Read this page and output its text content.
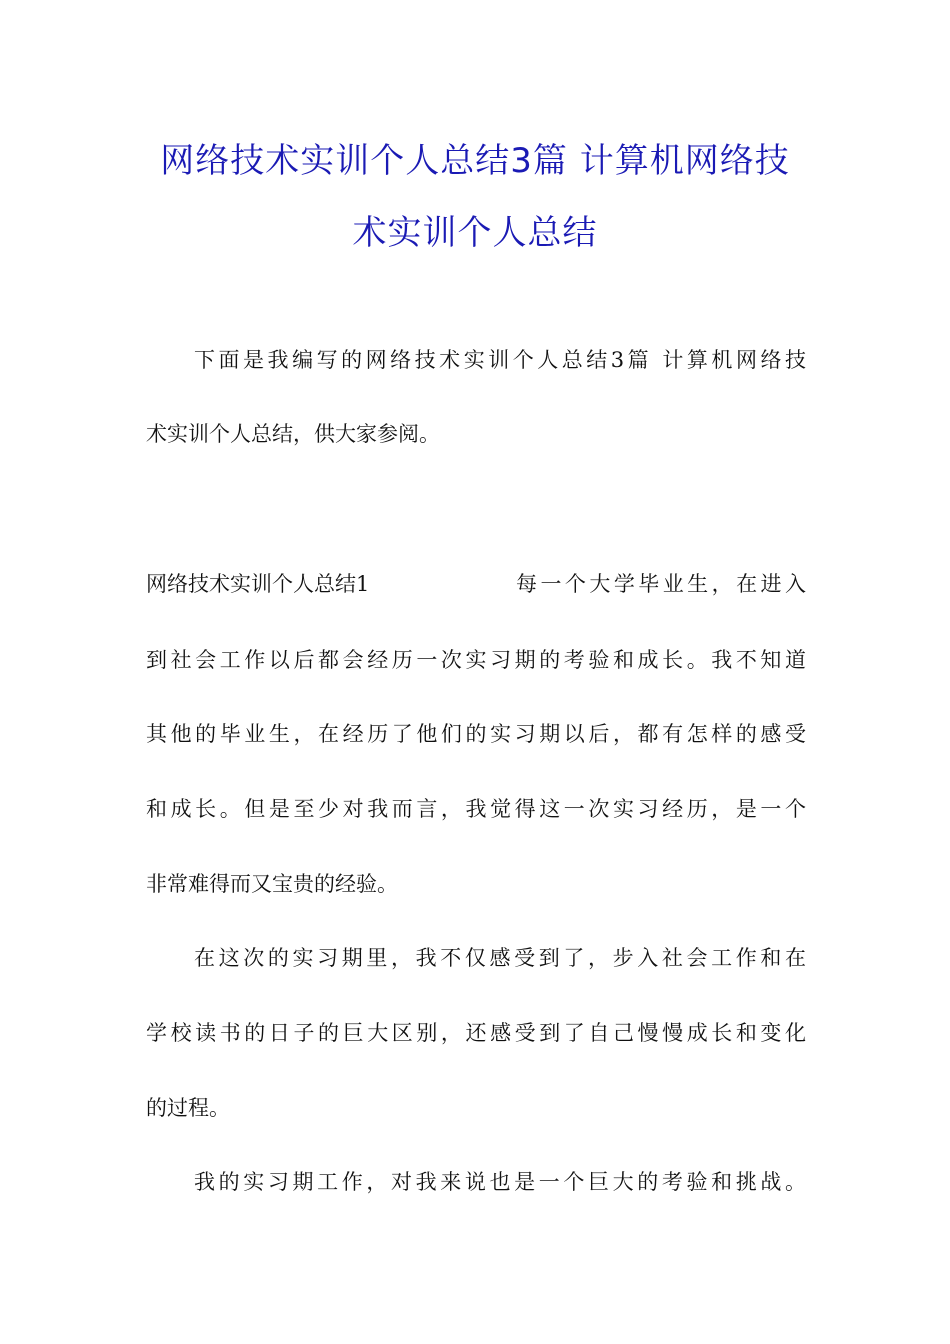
网络技术实训个人总结3篇 计算机网络技
术实训个人总结
下面是我编写的网络技术实训个人总结3篇 计算机网络技
术实训个人总结，供大家参阅。
网络技术实训个人总结1	每一个大学毕业生，在进入
到社会工作以后都会经历一次实习期的考验和成长。我不知道
其他的毕业生，在经历了他们的实习期以后，都有怎样的感受
和成长。但是至少对我而言，我觉得这一次实习经历，是一个
非常难得而又宝贵的经验。
在这次的实习期里，我不仅感受到了，步入社会工作和在
学校读书的日子的巨大区别，还感受到了自己慢慢成长和变化
的过程。
我的实习期工作，对我来说也是一个巨大的考验和挑战。
